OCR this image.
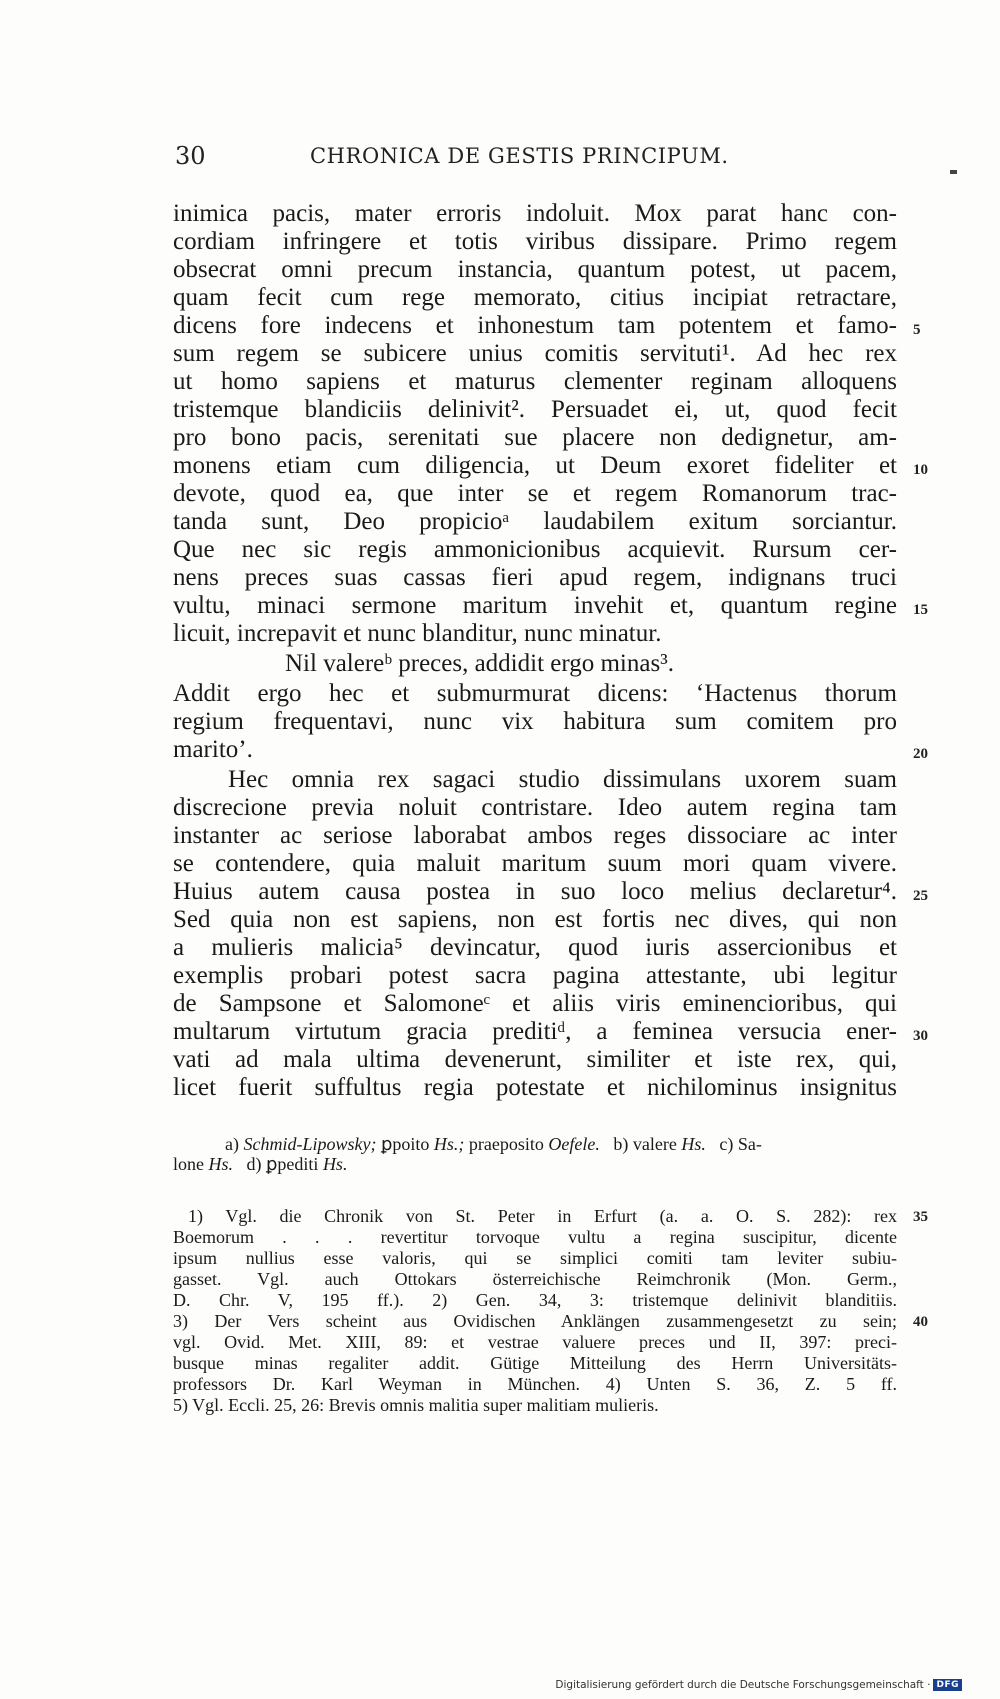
30	CHRONICA DE GESTIS PRINCIPUM.
inimica pacis, mater erroris indoluit. Mox parat hanc con-
cordiam infringere et totis viribus dissipare. Primo regem
obsecrat omni precum instancia, quantum potest, ut pacem,
quam fecit cum rege memorato, citius incipiat retractare,
dicens fore indecens et inhonestum tam potentem et famo-
sum regem se subicere unius comitis servituti¹. Ad hec rex
ut homo sapiens et maturus clementer reginam alloquens
tristemque blandiciis delinivit². Persuadet ei, ut, quod fecit
pro bono pacis, serenitati sue placere non dedignetur, am-
monens etiam cum diligencia, ut Deum exoret fideliter et
devote, quod ea, que inter se et regem Romanorum trac-
tanda sunt, Deo propicioᵃ laudabilem exitum sorciantur.
Que nec sic regis ammonicionibus acquievit. Rursum cer-
nens preces suas cassas fieri apud regem, indignans truci
vultu, minaci sermone maritum invehit et, quantum regine
licuit, increpavit et nunc blanditur, nunc minatur.
Nil valereᵇ preces, addidit ergo minas³.
Addit ergo hec et submurmurat dicens: ‘Hactenus thorum
regium frequentavi, nunc vix habitura sum comitem pro
marito’.
Hec omnia rex sagaci studio dissimulans uxorem suam
discrecione previa noluit contristare. Ideo autem regina tam
instanter ac seriose laborabat ambos reges dissociare ac inter
se contendere, quia maluit maritum suum mori quam vivere.
Huius autem causa postea in suo loco melius declaretur⁴.
Sed quia non est sapiens, non est fortis nec dives, qui non
a mulieris malicia⁵ devincatur, quod iuris assercionibus et
exemplis probari potest sacra pagina attestante, ubi legitur
de Sampsone et Salomoneᶜ et aliis viris eminencioribus, qui
multarum virtutum gracia preditiᵈ, a feminea versucia ener-
vati ad mala ultima devenerunt, similiter et iste rex, qui,
licet fuerit suffultus regia potestate et nichilominus insignitus
5
10
15
20
25
30
a) Schmid-Lipowsky; ꝑpoito Hs.; praeposito Oefele.   b) valere Hs.   c) Sa-
lone Hs.   d) ꝑpediti Hs.
1) Vgl. die Chronik von St. Peter in Erfurt (a. a. O. S. 282): rex
Boemorum . . . revertitur torvoque vultu a regina suscipitur, dicente
ipsum nullius esse valoris, qui se simplici comiti tam leviter subiu-
gasset. Vgl. auch Ottokars österreichische Reimchronik (Mon. Germ.,
D. Chr. V, 195 ff.). 2) Gen. 34, 3: tristemque delinivit blanditiis.
3) Der Vers scheint aus Ovidischen Anklängen zusammengesetzt zu sein;
vgl. Ovid. Met. XIII, 89: et vestrae valuere preces und II, 397: preci-
busque minas regaliter addit. Gütige Mitteilung des Herrn Universitäts-
professors Dr. Karl Weyman in München. 4) Unten S. 36, Z. 5 ff.
5) Vgl. Eccli. 25, 26: Brevis omnis malitia super malitiam mulieris.
35
40
Digitalisierung gefördert durch die Deutsche Forschungsgemeinschaft · DFG
